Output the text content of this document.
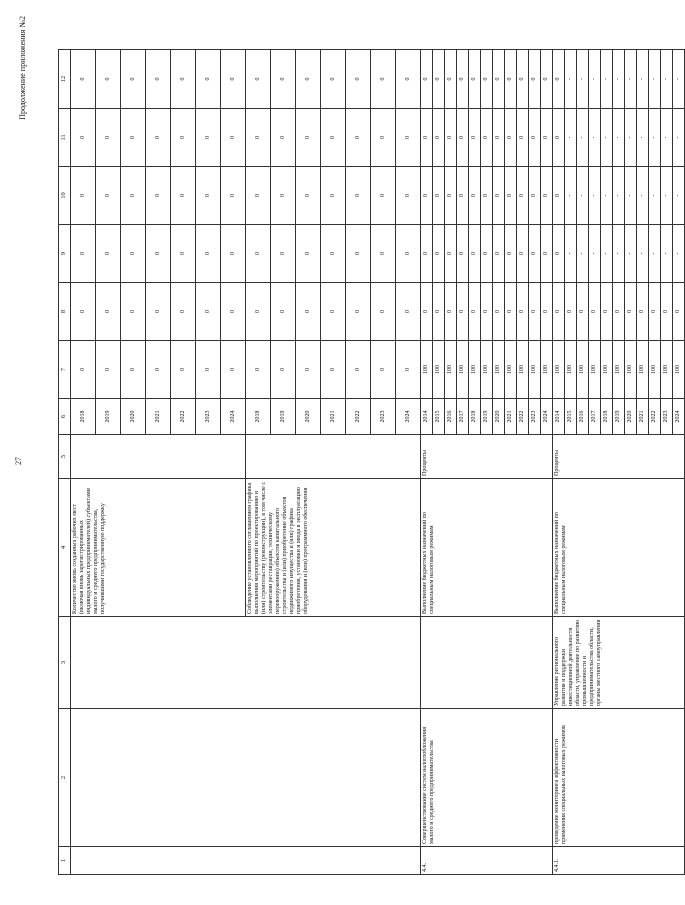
27
Продолжение приложения №2
1	2	3	4	5	6	7	8	9	10	11	12
			Количество вновь созданных рабочих мест (включая вновь зарегистрированных индивидуальных предпринимателей) субъектами малого и среднего предпринимательства, получившими государственную поддержку		2018	0	0	0	0	0	0
					2019	0	0	0	0	0	0
					2020	0	0	0	0	0	0
					2021	0	0	0	0	0	0
					2022	0	0	0	0	0	0
					2023	0	0	0	0	0	0
					2024	0	0	0	0	0	0
			Соблюдение установленного соглашением графика выполнения мероприятий по проектированию и (или) строительству (реконструкции), в том числе с элементами реставрации, техническому перевооружению) объектов капитального строительства и (или) приобретение объектов недвижимого имущества и (или) графика приобретения, установки и ввода в эксплуатацию оборудования и (или) программного обеспечения		2018	0	0	0	0	0	0
					2019	0	0	0	0	0	0
					2020	0	0	0	0	0	0
					2021	0	0	0	0	0	0
					2022	0	0	0	0	0	0
					2023	0	0	0	0	0	0
					2024	0	0	0	0	0	0
4.4.	Совершенствование систем налогообложения малого и среднего предпринимательства		Выполнение бюджетных назначений по специальным налоговым режимам	Проценты	2014	100	0	0	0	0	0
					2015	100	0	0	0	0	0
					2016	100	0	0	0	0	0
					2017	100	0	0	0	0	0
					2018	100	0	0	0	0	0
					2019	100	0	0	0	0	0
					2020	100	0	0	0	0	0
					2021	100	0	0	0	0	0
					2022	100	0	0	0	0	0
					2023	100	0	0	0	0	0
					2024	100	0	0	0	0	0
4.4.1.	проведение мониторинга эффективности применения специальных налоговых режимов	Управление регионального развития и поддержки инвестиционной деятельности области, управление по развитию промышленности и предпринимательства области, органы местного самоуправления	Выполнение бюджетных назначений по специальным налоговым режимам	Проценты	2014	100	0	0	0	0	0
					2015	100	0	-	-	-	-
					2016	100	0	-	-	-	-
					2017	100	0	-	-	-	-
					2018	100	0	-	-	-	-
					2019	100	0	-	-	-	-
					2020	100	0	-	-	-	-
					2021	100	0	-	-	-	-
					2022	100	0	-	-	-	-
					2023	100	0	-	-	-	-
					2024	100	0	-	-	-	-
